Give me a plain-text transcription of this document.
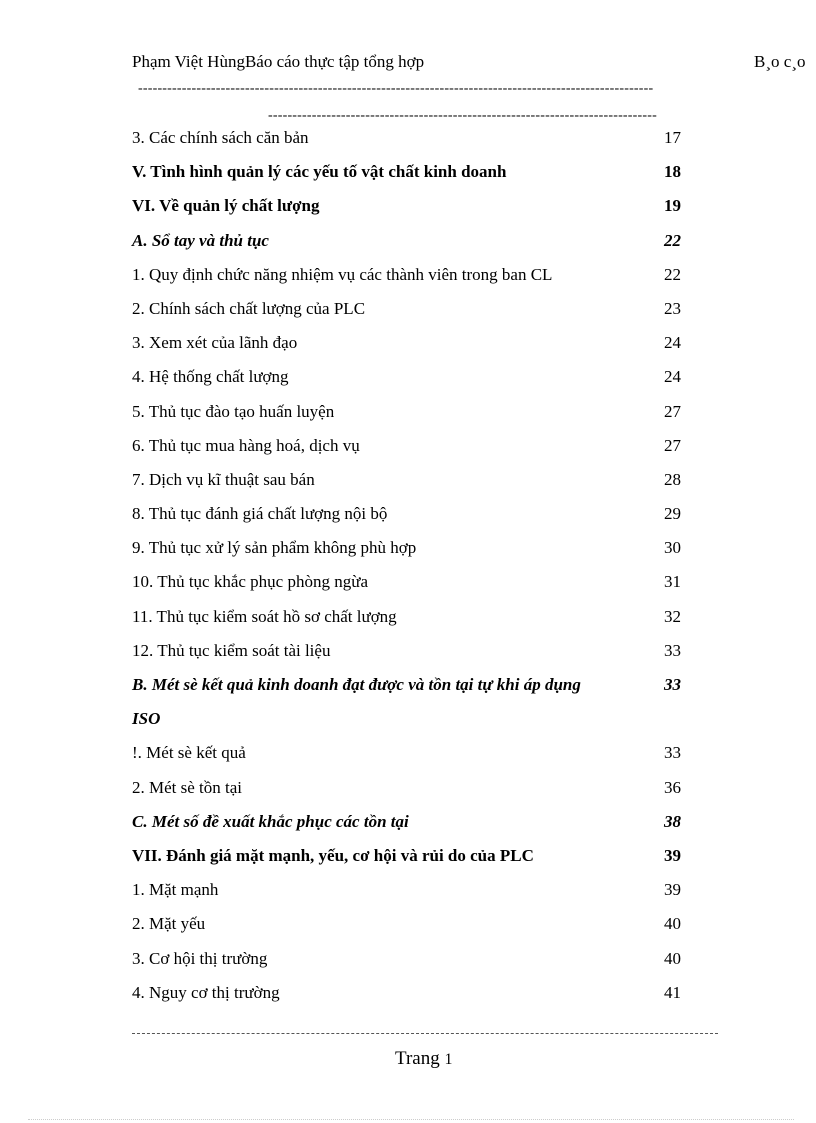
Phạm Việt HùngBáo cáo thực tập tổng hợp	B¸o c¸o
----------------------------------------------------------------------------------------------------------
--------------------------------------------------------------------------------
3. Các chính sách căn bản	17
V. Tình hình quản lý các yếu tố vật chất kinh doanh	18
VI. Về quản lý chất lượng	19
A. Sổ tay và thủ tục	22
1. Quy định chức năng nhiệm vụ các thành viên trong ban CL	22
2. Chính sách chất lượng của PLC	23
3. Xem xét của lãnh đạo	24
4. Hệ thống chất lượng	24
5. Thủ tục đào tạo huấn luyện	27
6. Thủ tục mua hàng hoá, dịch vụ	27
7. Dịch vụ kĩ thuật sau bán	28
8. Thủ tục đánh giá chất lượng nội bộ	29
9. Thủ tục xử lý sản phẩm không phù hợp	30
10. Thủ tục khắc phục phòng ngừa	31
11. Thủ tục kiểm soát hồ sơ chất lượng	32
12. Thủ tục kiểm soát tài liệu	33
B. Mét sè kết quả kinh doanh đạt được và tồn tại tự khi áp dụng	33
ISO
!. Mét sè kết quả	33
2. Mét sè tồn tại	36
C. Mét số đề xuất khắc phục các tồn tại	38
VII. Đánh giá mặt mạnh, yếu, cơ hội và rủi do của PLC	39
1. Mặt mạnh	39
2. Mặt yếu	40
3. Cơ hội thị trường	40
4. Nguy cơ thị trường	41
Trang 1
